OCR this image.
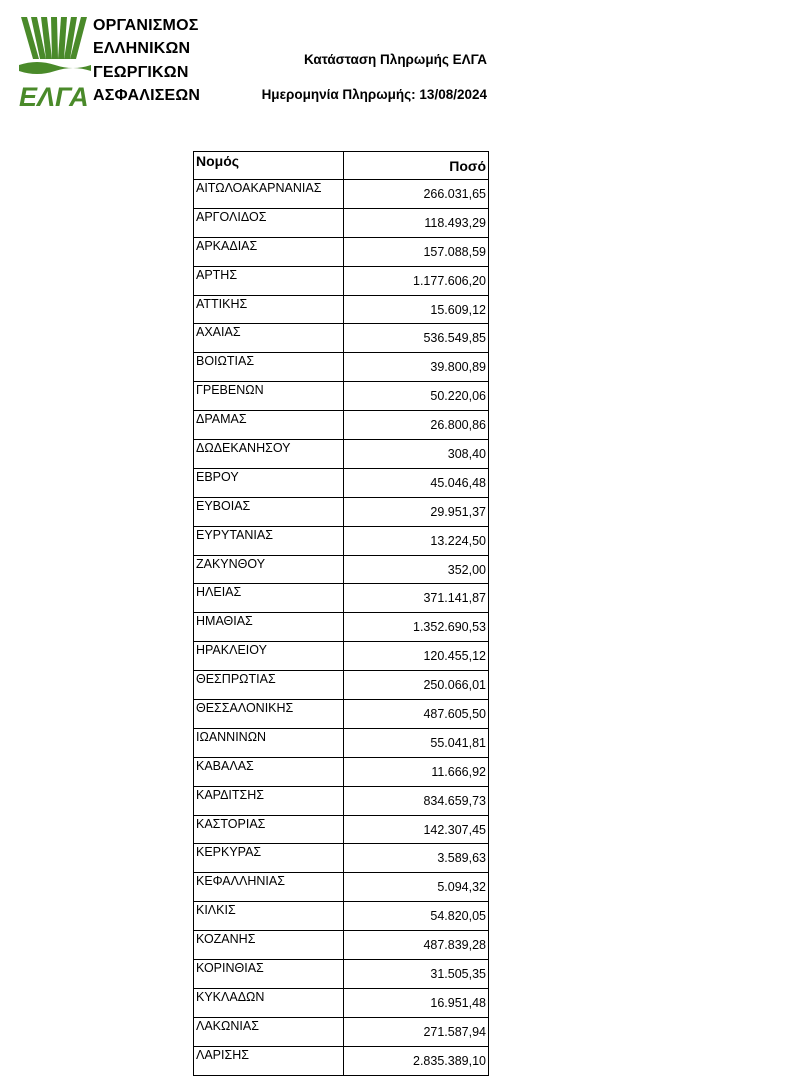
ΕΛΓΑ
ΟΡΓΑΝΙΣΜΟΣ
ΕΛΛΗΝΙΚΩΝ
ΓΕΩΡΓΙΚΩΝ
ΑΣΦΑΛΙΣΕΩΝ
Κατάσταση Πληρωμής ΕΛΓΑ
Ημερομηνία Πληρωμής: 13/08/2024
Νομός	Ποσό
ΑΙΤΩΛΟΑΚΑΡΝΑΝΙΑΣ	266.031,65
ΑΡΓΟΛΙΔΟΣ	118.493,29
ΑΡΚΑΔΙΑΣ	157.088,59
ΑΡΤΗΣ	1.177.606,20
ΑΤΤΙΚΗΣ	15.609,12
ΑΧΑΙΑΣ	536.549,85
ΒΟΙΩΤΙΑΣ	39.800,89
ΓΡΕΒΕΝΩΝ	50.220,06
ΔΡΑΜΑΣ	26.800,86
ΔΩΔΕΚΑΝΗΣΟΥ	308,40
ΕΒΡΟΥ	45.046,48
ΕΥΒΟΙΑΣ	29.951,37
ΕΥΡΥΤΑΝΙΑΣ	13.224,50
ΖΑΚΥΝΘΟΥ	352,00
ΗΛΕΙΑΣ	371.141,87
ΗΜΑΘΙΑΣ	1.352.690,53
ΗΡΑΚΛΕΙΟΥ	120.455,12
ΘΕΣΠΡΩΤΙΑΣ	250.066,01
ΘΕΣΣΑΛΟΝΙΚΗΣ	487.605,50
ΙΩΑΝΝΙΝΩΝ	55.041,81
ΚΑΒΑΛΑΣ	11.666,92
ΚΑΡΔΙΤΣΗΣ	834.659,73
ΚΑΣΤΟΡΙΑΣ	142.307,45
ΚΕΡΚΥΡΑΣ	3.589,63
ΚΕΦΑΛΛΗΝΙΑΣ	5.094,32
ΚΙΛΚΙΣ	54.820,05
ΚΟΖΑΝΗΣ	487.839,28
ΚΟΡΙΝΘΙΑΣ	31.505,35
ΚΥΚΛΑΔΩΝ	16.951,48
ΛΑΚΩΝΙΑΣ	271.587,94
ΛΑΡΙΣΗΣ	2.835.389,10
